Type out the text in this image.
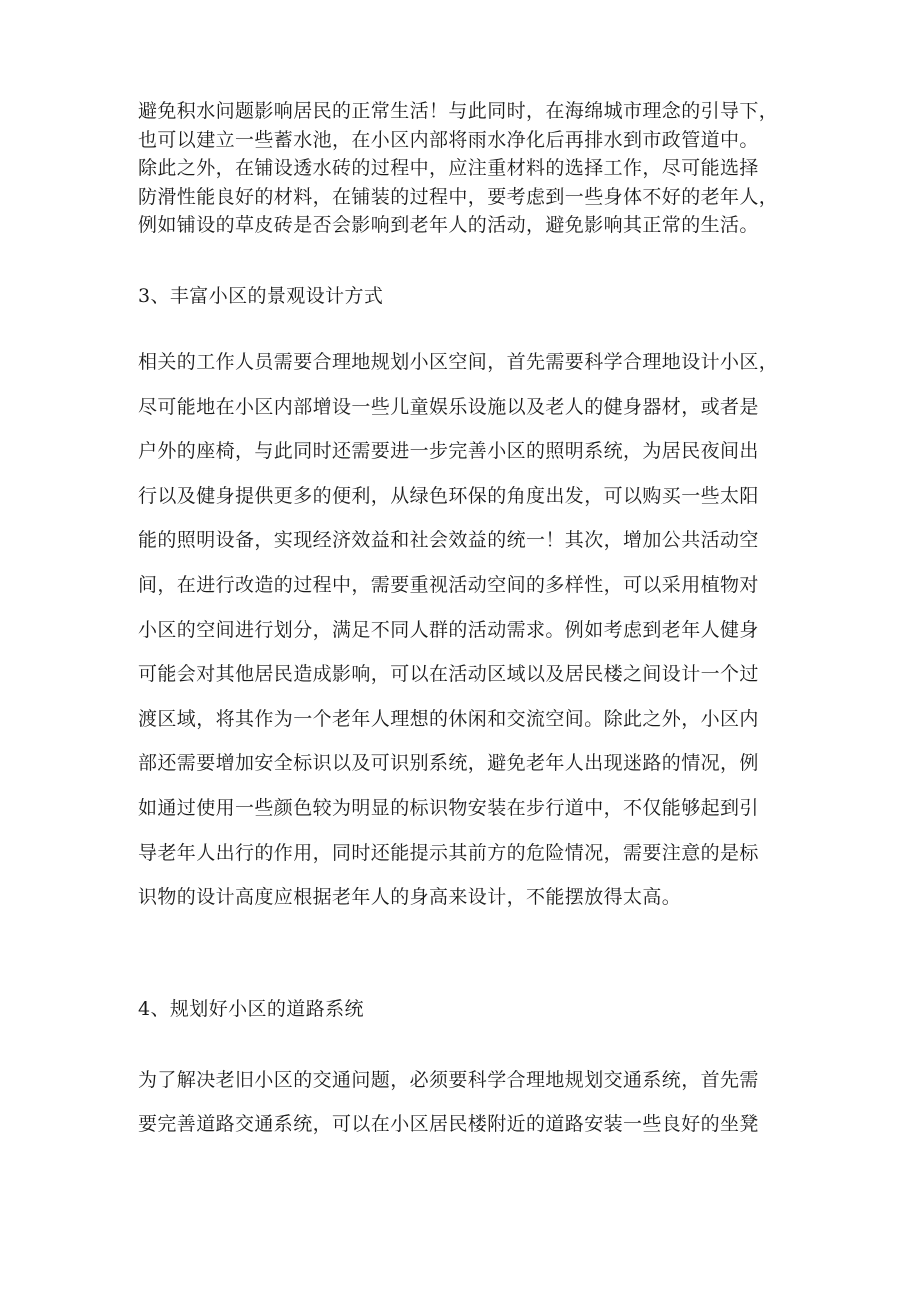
避免积水问题影响居民的正常生活！与此同时，在海绵城市理念的引导下，
也可以建立一些蓄水池，在小区内部将雨水净化后再排水到市政管道中。
除此之外，在铺设透水砖的过程中，应注重材料的选择工作，尽可能选择
防滑性能良好的材料，在铺装的过程中，要考虑到一些身体不好的老年人，
例如铺设的草皮砖是否会影响到老年人的活动，避免影响其正常的生活。

3、丰富小区的景观设计方式

相关的工作人员需要合理地规划小区空间，首先需要科学合理地设计小区，
尽可能地在小区内部增设一些儿童娱乐设施以及老人的健身器材，或者是
户外的座椅，与此同时还需要进一步完善小区的照明系统，为居民夜间出
行以及健身提供更多的便利，从绿色环保的角度出发，可以购买一些太阳
能的照明设备，实现经济效益和社会效益的统一！其次，增加公共活动空
间，在进行改造的过程中，需要重视活动空间的多样性，可以采用植物对
小区的空间进行划分，满足不同人群的活动需求。例如考虑到老年人健身
可能会对其他居民造成影响，可以在活动区域以及居民楼之间设计一个过
渡区域，将其作为一个老年人理想的休闲和交流空间。除此之外，小区内
部还需要增加安全标识以及可识别系统，避免老年人出现迷路的情况，例
如通过使用一些颜色较为明显的标识物安装在步行道中，不仅能够起到引
导老年人出行的作用，同时还能提示其前方的危险情况，需要注意的是标
识物的设计高度应根据老年人的身高来设计，不能摆放得太高。

4、规划好小区的道路系统

为了解决老旧小区的交通问题，必须要科学合理地规划交通系统，首先需
要完善道路交通系统，可以在小区居民楼附近的道路安装一些良好的坐凳
